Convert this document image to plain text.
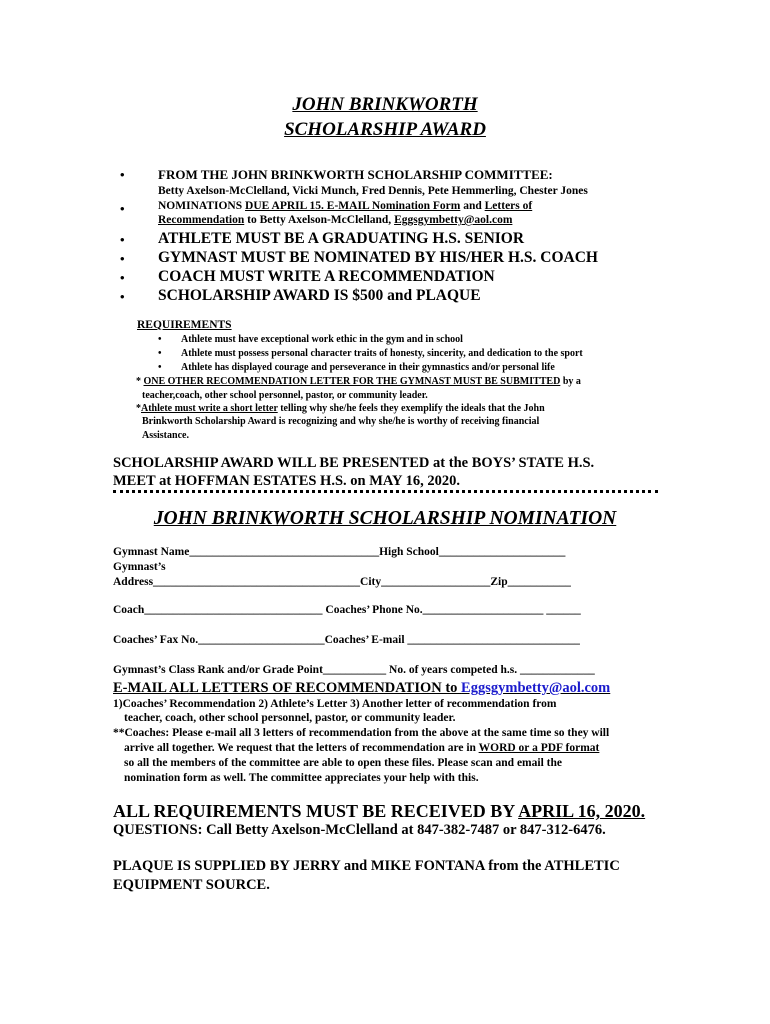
JOHN BRINKWORTH
SCHOLARSHIP AWARD
•	FROM THE JOHN BRINKWORTH SCHOLARSHIP COMMITTEE:
Betty Axelson-McClelland, Vicki Munch, Fred Dennis, Pete Hemmerling, Chester Jones
•	NOMINATIONS DUE APRIL 15. E-MAIL Nomination Form and Letters of
Recommendation to Betty Axelson-McClelland, Eggsgymbetty@aol.com
• ATHLETE MUST BE A GRADUATING H.S. SENIOR
• GYMNAST MUST BE NOMINATED BY HIS/HER H.S. COACH
• COACH MUST WRITE A RECOMMENDATION
• SCHOLARSHIP AWARD IS $500 and PLAQUE
REQUIREMENTS
• Athlete must have exceptional work ethic in the gym and in school
• Athlete must possess personal character traits of honesty, sincerity, and dedication to the sport
• Athlete has displayed courage and perseverance in their gymnastics and/or personal life
* ONE OTHER RECOMMENDATION LETTER FOR THE GYMNAST MUST BE SUBMITTED by a
teacher,coach, other school personnel, pastor, or community leader.
*Athlete must write a short letter telling why she/he feels they exemplify the ideals that the John
Brinkworth Scholarship Award is recognizing and why she/he is worthy of receiving financial
Assistance.
SCHOLARSHIP AWARD WILL BE PRESENTED at the BOYS’ STATE H.S.
MEET at HOFFMAN ESTATES H.S. on MAY 16, 2020.
JOHN BRINKWORTH SCHOLARSHIP NOMINATION
Gymnast Name_________________________________High School______________________
Gymnast’s
Address____________________________________City___________________Zip___________
Coach_______________________________ Coaches’ Phone No._____________________ ______
Coaches’ Fax No.______________________Coaches’ E-mail ______________________________
Gymnast’s Class Rank and/or Grade Point___________ No. of years competed h.s. _____________
E-MAIL ALL LETTERS OF RECOMMENDATION to Eggsgymbetty@aol.com
1)Coaches’ Recommendation 2) Athlete’s Letter 3) Another letter of recommendation from
teacher, coach, other school personnel, pastor, or community leader.
**Coaches: Please e-mail all 3 letters of recommendation from the above at the same time so they will
arrive all together. We request that the letters of recommendation are in WORD or a PDF format
so all the members of the committee are able to open these files. Please scan and email the
nomination form as well. The committee appreciates your help with this.
ALL REQUIREMENTS MUST BE RECEIVED BY APRIL 16, 2020.
QUESTIONS: Call Betty Axelson-McClelland at 847-382-7487 or 847-312-6476.
PLAQUE IS SUPPLIED BY JERRY and MIKE FONTANA from the ATHLETIC
EQUIPMENT SOURCE.
